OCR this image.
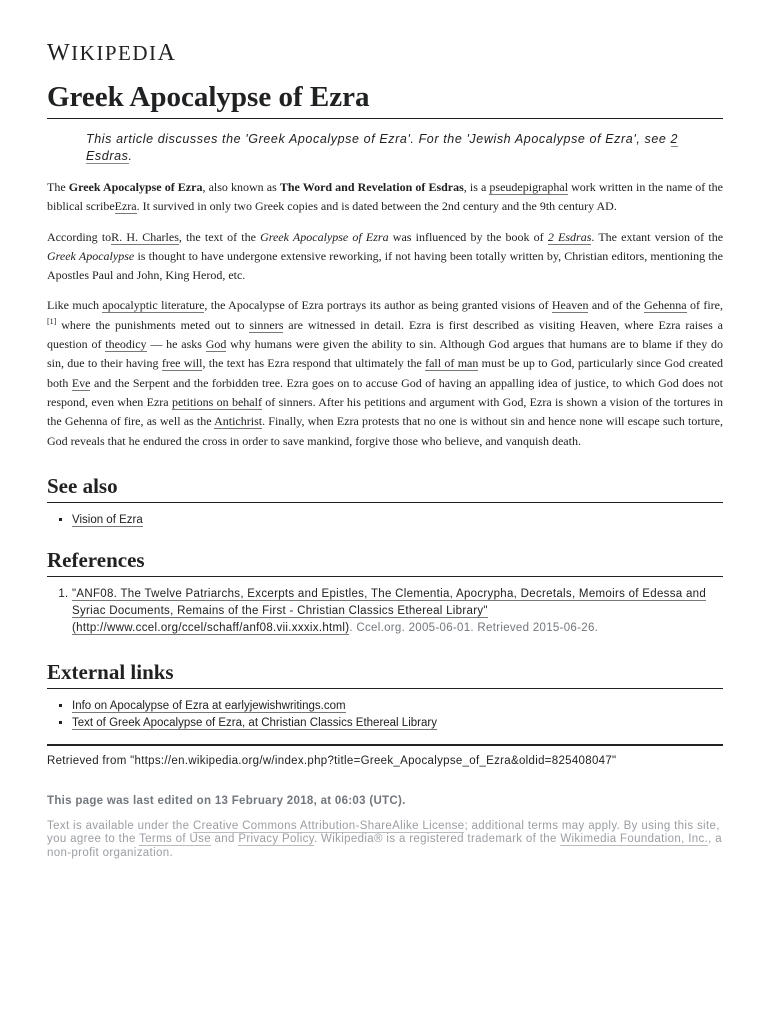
WIKIPEDIA
Greek Apocalypse of Ezra
This article discusses the 'Greek Apocalypse of Ezra'. For the 'Jewish Apocalypse of Ezra', see 2 Esdras.

The Greek Apocalypse of Ezra, also known as The Word and Revelation of Esdras, is a pseudepigraphal work written in the name of the biblical scribeEzra. It survived in only two Greek copies and is dated between the 2nd century and the 9th century AD.

According toR. H. Charles, the text of the Greek Apocalypse of Ezra was influenced by the book of 2 Esdras. The extant version of the Greek Apocalypse is thought to have undergone extensive reworking, if not having been totally written by, Christian editors, mentioning the Apostles Paul and John, King Herod, etc.

Like much apocalyptic literature, the Apocalypse of Ezra portrays its author as being granted visions of Heaven and of the Gehenna of fire,[1] where the punishments meted out to sinners are witnessed in detail. Ezra is first described as visiting Heaven, where Ezra raises a question of theodicy — he asks God why humans were given the ability to sin. Although God argues that humans are to blame if they do sin, due to their having free will, the text has Ezra respond that ultimately the fall of man must be up to God, particularly since God created both Eve and the Serpent and the forbidden tree. Ezra goes on to accuse God of having an appalling idea of justice, to which God does not respond, even when Ezra petitions on behalf of sinners. After his petitions and argument with God, Ezra is shown a vision of the tortures in the Gehenna of fire, as well as the Antichrist. Finally, when Ezra protests that no one is without sin and hence none will escape such torture, God reveals that he endured the cross in order to save mankind, forgive those who believe, and vanquish death.

See also
▪ Vision of Ezra
References
1. "ANF08. The Twelve Patriarchs, Excerpts and Epistles, The Clementia, Apocrypha, Decretals, Memoirs of Edessa and Syriac Documents, Remains of the First - Christian Classics Ethereal Library"(http://www.ccel.org/ccel/schaff/anf08.vii.xxxix.html). Ccel.org. 2005-06-01. Retrieved 2015-06-26.
External links
▪ Info on Apocalypse of Ezra at earlyjewishwritings.com
▪ Text of Greek Apocalypse of Ezra, at Christian Classics Ethereal Library
Retrieved from "https://en.wikipedia.org/w/index.php?title=Greek_Apocalypse_of_Ezra&oldid=825408047"
This page was last edited on 13 February 2018, at 06:03 (UTC).
Text is available under the Creative Commons Attribution-ShareAlike License; additional terms may apply. By using this site, you agree to the Terms of Use and Privacy Policy. Wikipedia® is a registered trademark of the Wikimedia Foundation, Inc., a non-profit organization.
